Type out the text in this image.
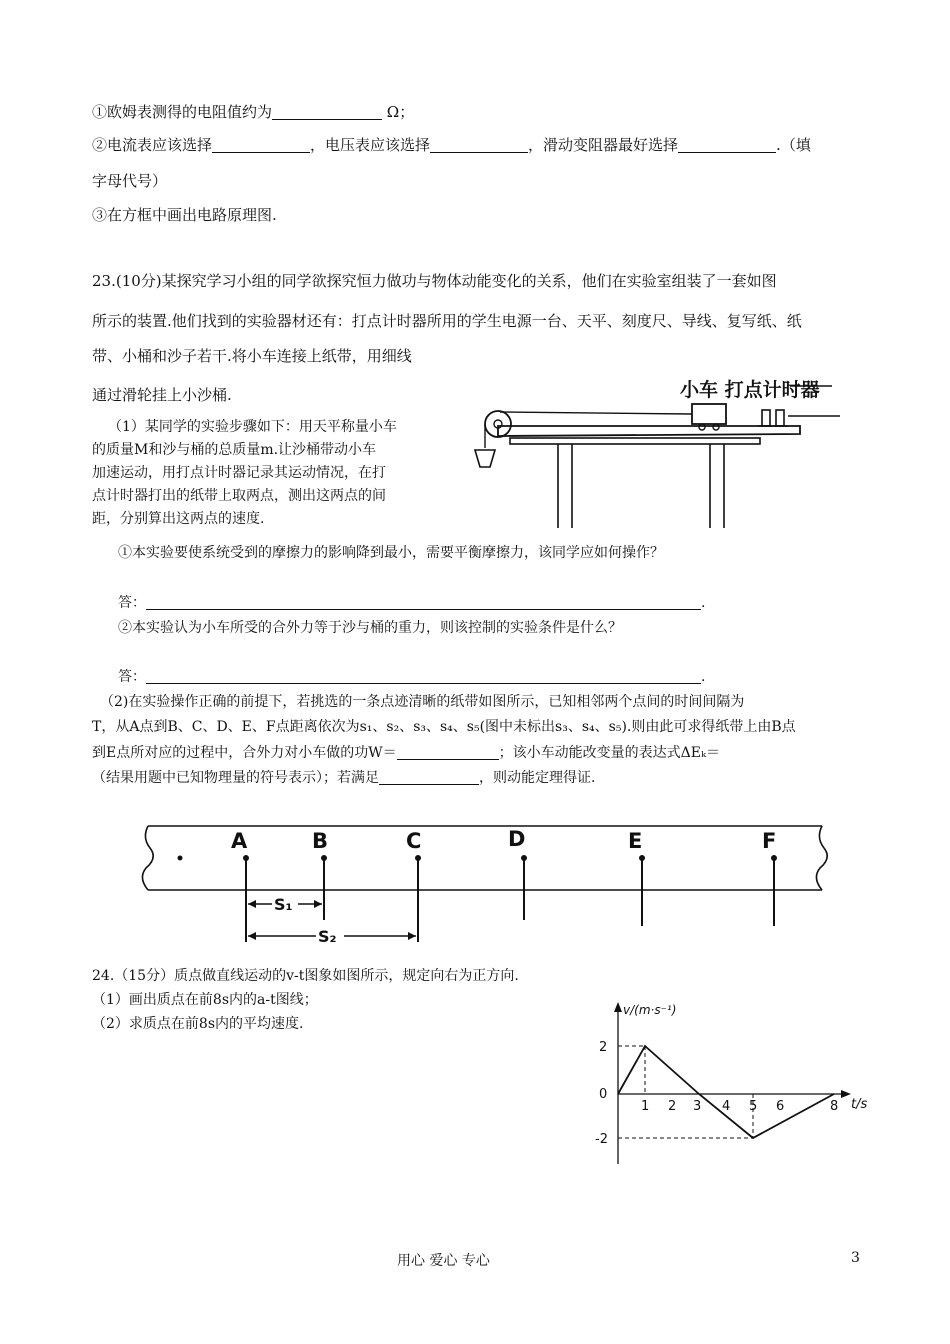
①欧姆表测得的电阻值约为	Ω；
②电流表应该选择	，电压表应该选择	，滑动变阻器最好选择	.（填
字母代号）
③在方框中画出电路原理图.
23.(10分)某探究学习小组的同学欲探究恒力做功与物体动能变化的关系，他们在实验室组装了一套如图
所示的装置.他们找到的实验器材还有：打点计时器所用的学生电源一台、天平、刻度尺、导线、复写纸、纸
带、小桶和沙子若干.将小车连接上纸带，用细线
通过滑轮挂上小沙桶.
（1）某同学的实验步骤如下：用天平称量小车
的质量M和沙与桶的总质量m.让沙桶带动小车
加速运动，用打点计时器记录其运动情况，在打
点计时器打出的纸带上取两点，测出这两点的间
距，分别算出这两点的速度.
小车 打点计时器
①本实验要使系统受到的摩擦力的影响降到最小，需要平衡摩擦力，该同学应如何操作？
答：	.
②本实验认为小车所受的合外力等于沙与桶的重力，则该控制的实验条件是什么？
答：	.
（2)在实验操作正确的前提下，若挑选的一条点迹清晰的纸带如图所示，已知相邻两个点间的时间间隔为
T，从A点到B、C、D、E、F点距离依次为s₁、s₂、s₃、s₄、s₅(图中未标出s₃、s₄、s₅).则由此可求得纸带上由B点
到E点所对应的过程中，合外力对小车做的功W＝	；该小车动能改变量的表达式ΔEₖ＝
（结果用题中已知物理量的符号表示）；若满足	，则动能定理得证.
A	B	C	D	E	F
S₁
S₂
24.（15分）质点做直线运动的v-t图象如图所示，规定向右为正方向.
（1）画出质点在前8s内的a-t图线；
（2）求质点在前8s内的平均速度.
v/(m·s⁻¹)
t/s
2
0
-2
1 2 3 4 5 6	8
用心 爱心 专心	3
